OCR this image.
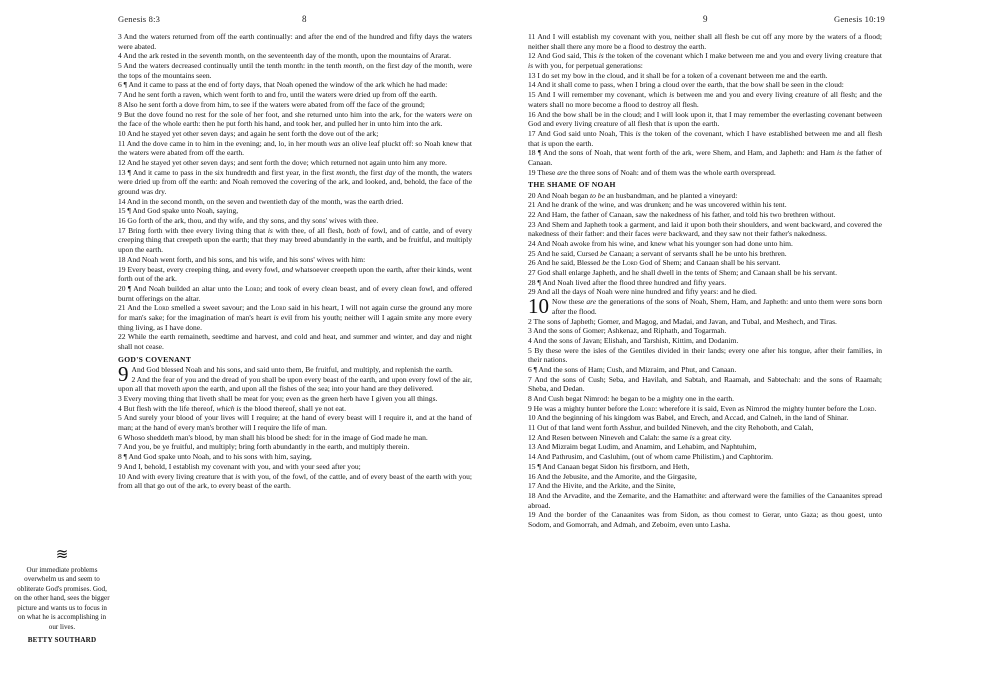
Genesis 8:3	8	9	Genesis 10:19

3 And the waters returned from off the earth continually: and after the end of the hundred and fifty days the waters were abated.

4 And the ark rested in the seventh month, on the seventeenth day of the month, upon the mountains of Ararat.

5 And the waters decreased continually until the tenth month: in the tenth month, on the first day of the month, were the tops of the mountains seen.

6 ¶ And it came to pass at the end of forty days, that Noah opened the window of the ark which he had made:

7 And he sent forth a raven, which went forth to and fro, until the waters were dried up from off the earth.

8 Also he sent forth a dove from him, to see if the waters were abated from off the face of the ground;

9 But the dove found no rest for the sole of her foot, and she returned unto him into the ark, for the waters were on the face of the whole earth: then he put forth his hand, and took her, and pulled her in unto him into the ark.

10 And he stayed yet other seven days; and again he sent forth the dove out of the ark;

11 And the dove came in to him in the evening; and, lo, in her mouth was an olive leaf pluckt off: so Noah knew that the waters were abated from off the earth.

12 And he stayed yet other seven days; and sent forth the dove; which returned not again unto him any more.

13 ¶ And it came to pass in the six hundredth and first year, in the first month, the first day of the month, the waters were dried up from off the earth: and Noah removed the covering of the ark, and looked, and, behold, the face of the ground was dry.

14 And in the second month, on the seven and twentieth day of the month, was the earth dried.

15 ¶ And God spake unto Noah, saying,

16 Go forth of the ark, thou, and thy wife, and thy sons, and thy sons' wives with thee.

17 Bring forth with thee every living thing that is with thee, of all flesh, both of fowl, and of cattle, and of every creeping thing that creepeth upon the earth; that they may breed abundantly in the earth, and be fruitful, and multiply upon the earth.

18 And Noah went forth, and his sons, and his wife, and his sons' wives with him:

19 Every beast, every creeping thing, and every fowl, and whatsoever creepeth upon the earth, after their kinds, went forth out of the ark.

20 ¶ And Noah builded an altar unto the Lord; and took of every clean beast, and of every clean fowl, and offered burnt offerings on the altar.

21 And the Lord smelled a sweet savour; and the Lord said in his heart, I will not again curse the ground any more for man's sake; for the imagination of man's heart is evil from his youth; neither will I again smite any more every thing living, as I have done.

22 While the earth remaineth, seedtime and harvest, and cold and heat, and summer and winter, and day and night shall not cease.

GOD'S COVENANT
9 And God blessed Noah and his sons, and said unto them, Be fruitful, and multiply, and replenish the earth.

2 And the fear of you and the dread of you shall be upon every beast of the earth, and upon every fowl of the air, upon all that moveth upon the earth, and upon all the fishes of the sea; into your hand are they delivered.

3 Every moving thing that liveth shall be meat for you; even as the green herb have I given you all things.

4 But flesh with the life thereof, which is the blood thereof, shall ye not eat.

5 And surely your blood of your lives will I require; at the hand of every beast will I require it, and at the hand of man; at the hand of every man's brother will I require the life of man.

6 Whoso sheddeth man's blood, by man shall his blood be shed: for in the image of God made he man.

7 And you, be ye fruitful, and multiply; bring forth abundantly in the earth, and multiply therein.

8 ¶ And God spake unto Noah, and to his sons with him, saying,

9 And I, behold, I establish my covenant with you, and with your seed after you;

10 And with every living creature that is with you, of the fowl, of the cattle, and of every beast of the earth with you; from all that go out of the ark, to every beast of the earth.

11 And I will establish my covenant with you, neither shall all flesh be cut off any more by the waters of a flood; neither shall there any more be a flood to destroy the earth.

12 And God said, This is the token of the covenant which I make between me and you and every living creature that is with you, for perpetual generations:

13 I do set my bow in the cloud, and it shall be for a token of a covenant between me and the earth.

14 And it shall come to pass, when I bring a cloud over the earth, that the bow shall be seen in the cloud:

15 And I will remember my covenant, which is between me and you and every living creature of all flesh; and the waters shall no more become a flood to destroy all flesh.

16 And the bow shall be in the cloud; and I will look upon it, that I may remember the everlasting covenant between God and every living creature of all flesh that is upon the earth.

17 And God said unto Noah, This is the token of the covenant, which I have established between me and all flesh that is upon the earth.

18 ¶ And the sons of Noah, that went forth of the ark, were Shem, and Ham, and Japheth: and Ham is the father of Canaan.

19 These are the three sons of Noah: and of them was the whole earth overspread.

THE SHAME OF NOAH

20 And Noah began to be an husbandman, and he planted a vineyard:

21 And he drank of the wine, and was drunken; and he was uncovered within his tent.

22 And Ham, the father of Canaan, saw the nakedness of his father, and told his two brethren without.

23 And Shem and Japheth took a garment, and laid it upon both their shoulders, and went backward, and covered the nakedness of their father: and their faces were backward, and they saw not their father's nakedness.

24 And Noah awoke from his wine, and knew what his younger son had done unto him.

25 And he said, Cursed be Canaan; a servant of servants shall he be unto his brethren.

26 And he said, Blessed be the Lord God of Shem; and Canaan shall be his servant.

27 God shall enlarge Japheth, and he shall dwell in the tents of Shem; and Canaan shall be his servant.

28 ¶ And Noah lived after the flood three hundred and fifty years.

29 And all the days of Noah were nine hundred and fifty years: and he died.

10 Now these are the generations of the sons of Noah, Shem, Ham, and Japheth: and unto them were sons born after the flood.

2 The sons of Japheth; Gomer, and Magog, and Madai, and Javan, and Tubal, and Meshech, and Tiras.

3 And the sons of Gomer; Ashkenaz, and Riphath, and Togarmah.

4 And the sons of Javan; Elishah, and Tarshish, Kittim, and Dodanim.

5 By these were the isles of the Gentiles divided in their lands; every one after his tongue, after their families, in their nations.

6 ¶ And the sons of Ham; Cush, and Mizraim, and Phut, and Canaan.

7 And the sons of Cush; Seba, and Havilah, and Sabtah, and Raamah, and Sabtechah: and the sons of Raamah; Sheba, and Dedan.

8 And Cush begat Nimrod: he began to be a mighty one in the earth.

9 He was a mighty hunter before the Lord: wherefore it is said, Even as Nimrod the mighty hunter before the Lord.

10 And the beginning of his kingdom was Babel, and Erech, and Accad, and Calneh, in the land of Shinar.

11 Out of that land went forth Asshur, and builded Nineveh, and the city Rehoboth, and Calah,

12 And Resen between Nineveh and Calah: the same is a great city.

13 And Mizraim begat Ludim, and Anamim, and Lehabim, and Naphtuhim,

14 And Pathrusim, and Casluhim, (out of whom came Philistim,) and Caphtorim.

15 ¶ And Canaan begat Sidon his firstborn, and Heth,

16 And the Jebusite, and the Amorite, and the Girgasite,

17 And the Hivite, and the Arkite, and the Sinite,

18 And the Arvadite, and the Zemarite, and the Hamathite: and afterward were the families of the Canaanites spread abroad.

19 And the border of the Canaanites was from Sidon, as thou comest to Gerar, unto Gaza; as thou goest, unto Sodom, and Gomorrah, and Admah, and Zeboim, even unto Lasha.

≋
Our immediate problems overwhelm us and seem to obliterate God's promises. God, on the other hand, sees the bigger picture and wants us to focus in on what he is accomplishing in our lives.
BETTY SOUTHARD
